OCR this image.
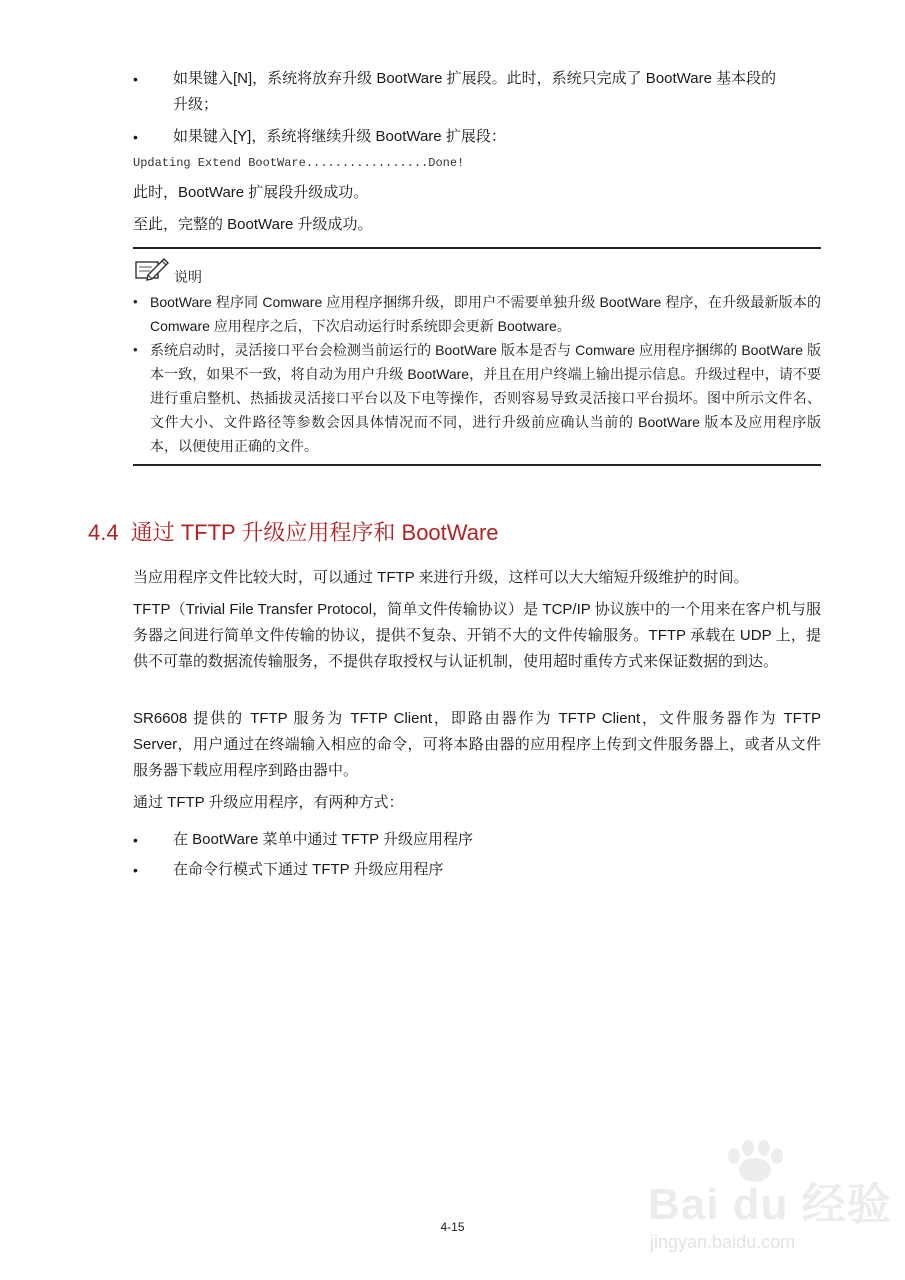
• 如果键入[N]，系统将放弃升级 BootWare 扩展段。此时，系统只完成了 BootWare 基本段的
升级；
• 如果键入[Y]，系统将继续升级 BootWare 扩展段：
Updating Extend BootWare.................Done!
此时，BootWare 扩展段升级成功。
至此，完整的 BootWare 升级成功。
说明
• BootWare 程序同 Comware 应用程序捆绑升级，即用户不需要单独升级 BootWare 程序，在升级最新版本的 Comware 应用程序之后，下次启动运行时系统即会更新 Bootware。
• 系统启动时，灵活接口平台会检测当前运行的 BootWare 版本是否与 Comware 应用程序捆绑的 BootWare 版本一致，如果不一致，将自动为用户升级 BootWare，并且在用户终端上输出提示信息。升级过程中，请不要进行重启整机、热插拔灵活接口平台以及下电等操作，否则容易导致灵活接口平台损坏。图中所示文件名、文件大小、文件路径等参数会因具体情况而不同，进行升级前应确认当前的 BootWare 版本及应用程序版本，以便使用正确的文件。
4.4 通过 TFTP 升级应用程序和 BootWare
当应用程序文件比较大时，可以通过 TFTP 来进行升级，这样可以大大缩短升级维护的时间。
TFTP（Trivial File Transfer Protocol，简单文件传输协议）是 TCP/IP 协议族中的一个用来在客户机与服务器之间进行简单文件传输的协议，提供不复杂、开销不大的文件传输服务。TFTP 承载在 UDP 上，提供不可靠的数据流传输服务，不提供存取授权与认证机制，使用超时重传方式来保证数据的到达。
SR6608 提供的 TFTP 服务为 TFTP Client，即路由器作为 TFTP Client，文件服务器作为 TFTP Server，用户通过在终端输入相应的命令，可将本路由器的应用程序上传到文件服务器上，或者从文件服务器下载应用程序到路由器中。
通过 TFTP 升级应用程序，有两种方式：
• 在 BootWare 菜单中通过 TFTP 升级应用程序
• 在命令行模式下通过 TFTP 升级应用程序
4-15	Bai du 经验
jingyan.baidu.com
